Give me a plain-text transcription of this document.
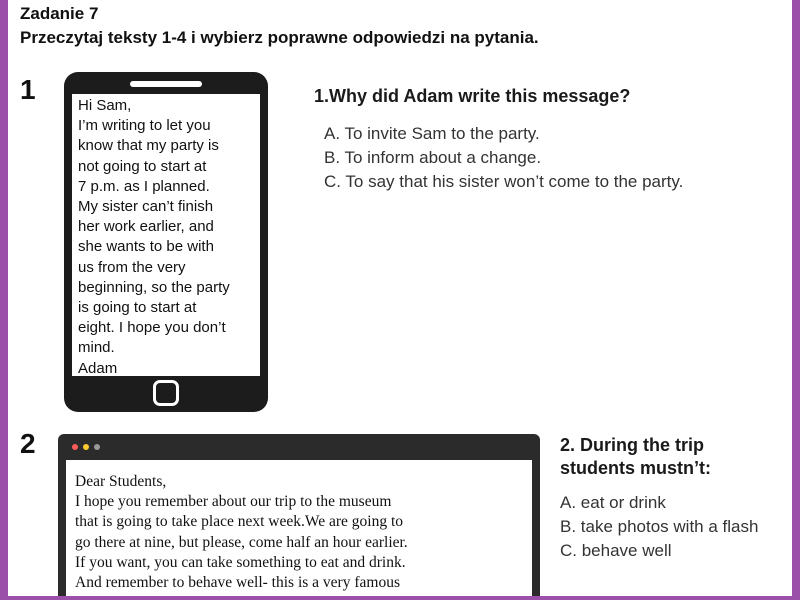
Zadanie 7
Przeczytaj teksty 1-4 i wybierz poprawne odpowiedzi na pytania.
1
Hi Sam,
I’m writing to let you
know that my party is
not going to start at
7 p.m. as I planned.
My sister can’t finish
her work earlier, and
she wants to be with
us from the very
beginning, so the party
is going to start at
eight. I hope you don’t
mind.
Adam
1.Why did Adam write this message?
A. To invite Sam to the party.
B. To inform about a change.
C. To say that his sister won’t come to the party.
2
Dear Students,
I hope you remember about our trip to the museum
that is going to take place next week.We are going to
go there at nine, but please, come half an hour earlier.
If you want, you can take something to eat and drink.
And remember to behave well- this is a very famous
2. During the trip
students mustn’t:
A. eat or drink
B. take photos with a flash
C. behave well
